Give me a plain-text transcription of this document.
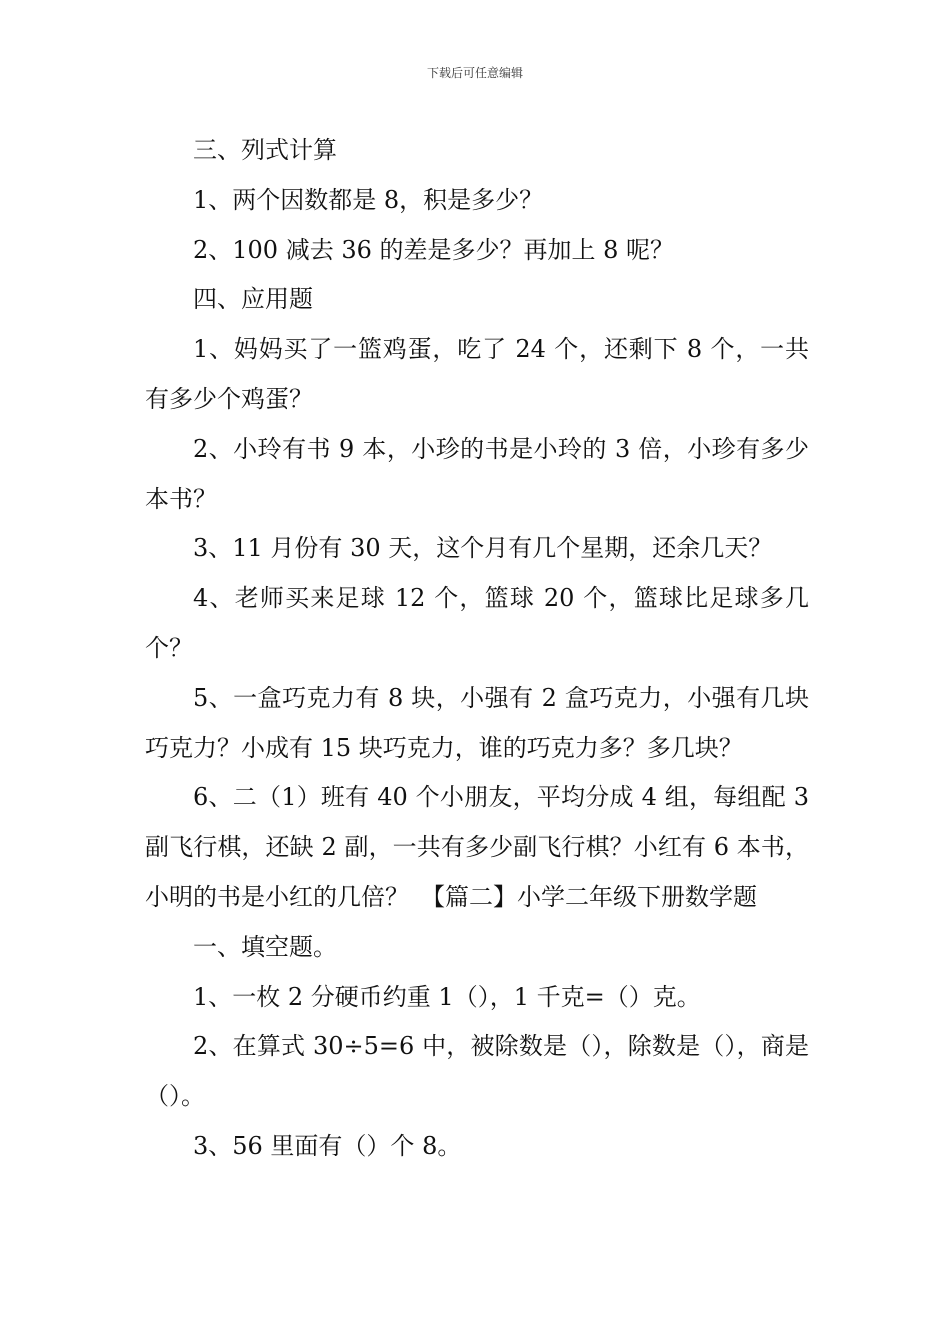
下载后可任意编辑

三、列式计算

1、两个因数都是 8，积是多少？

2、100 减去 36 的差是多少？再加上 8 呢？

四、应用题

1、妈妈买了一篮鸡蛋，吃了 24 个，还剩下 8 个，一共有多少个鸡蛋？

2、小玲有书 9 本，小珍的书是小玲的 3 倍，小珍有多少本书？

3、11 月份有 30 天，这个月有几个星期，还余几天？

4、老师买来足球 12 个，篮球 20 个，篮球比足球多几个？

5、一盒巧克力有 8 块，小强有 2 盒巧克力，小强有几块巧克力？小成有 15 块巧克力，谁的巧克力多？多几块？

6、二（1）班有 40 个小朋友，平均分成 4 组，每组配 3 副飞行棋，还缺 2 副，一共有多少副飞行棋？小红有 6 本书，小明的书是小红的几倍？　【篇二】小学二年级下册数学题

一、填空题。

1、一枚 2 分硬币约重 1（），1 千克=（）克。

2、在算式 30÷5=6 中，被除数是（），除数是（），商是（）。

3、56 里面有（）个 8。
